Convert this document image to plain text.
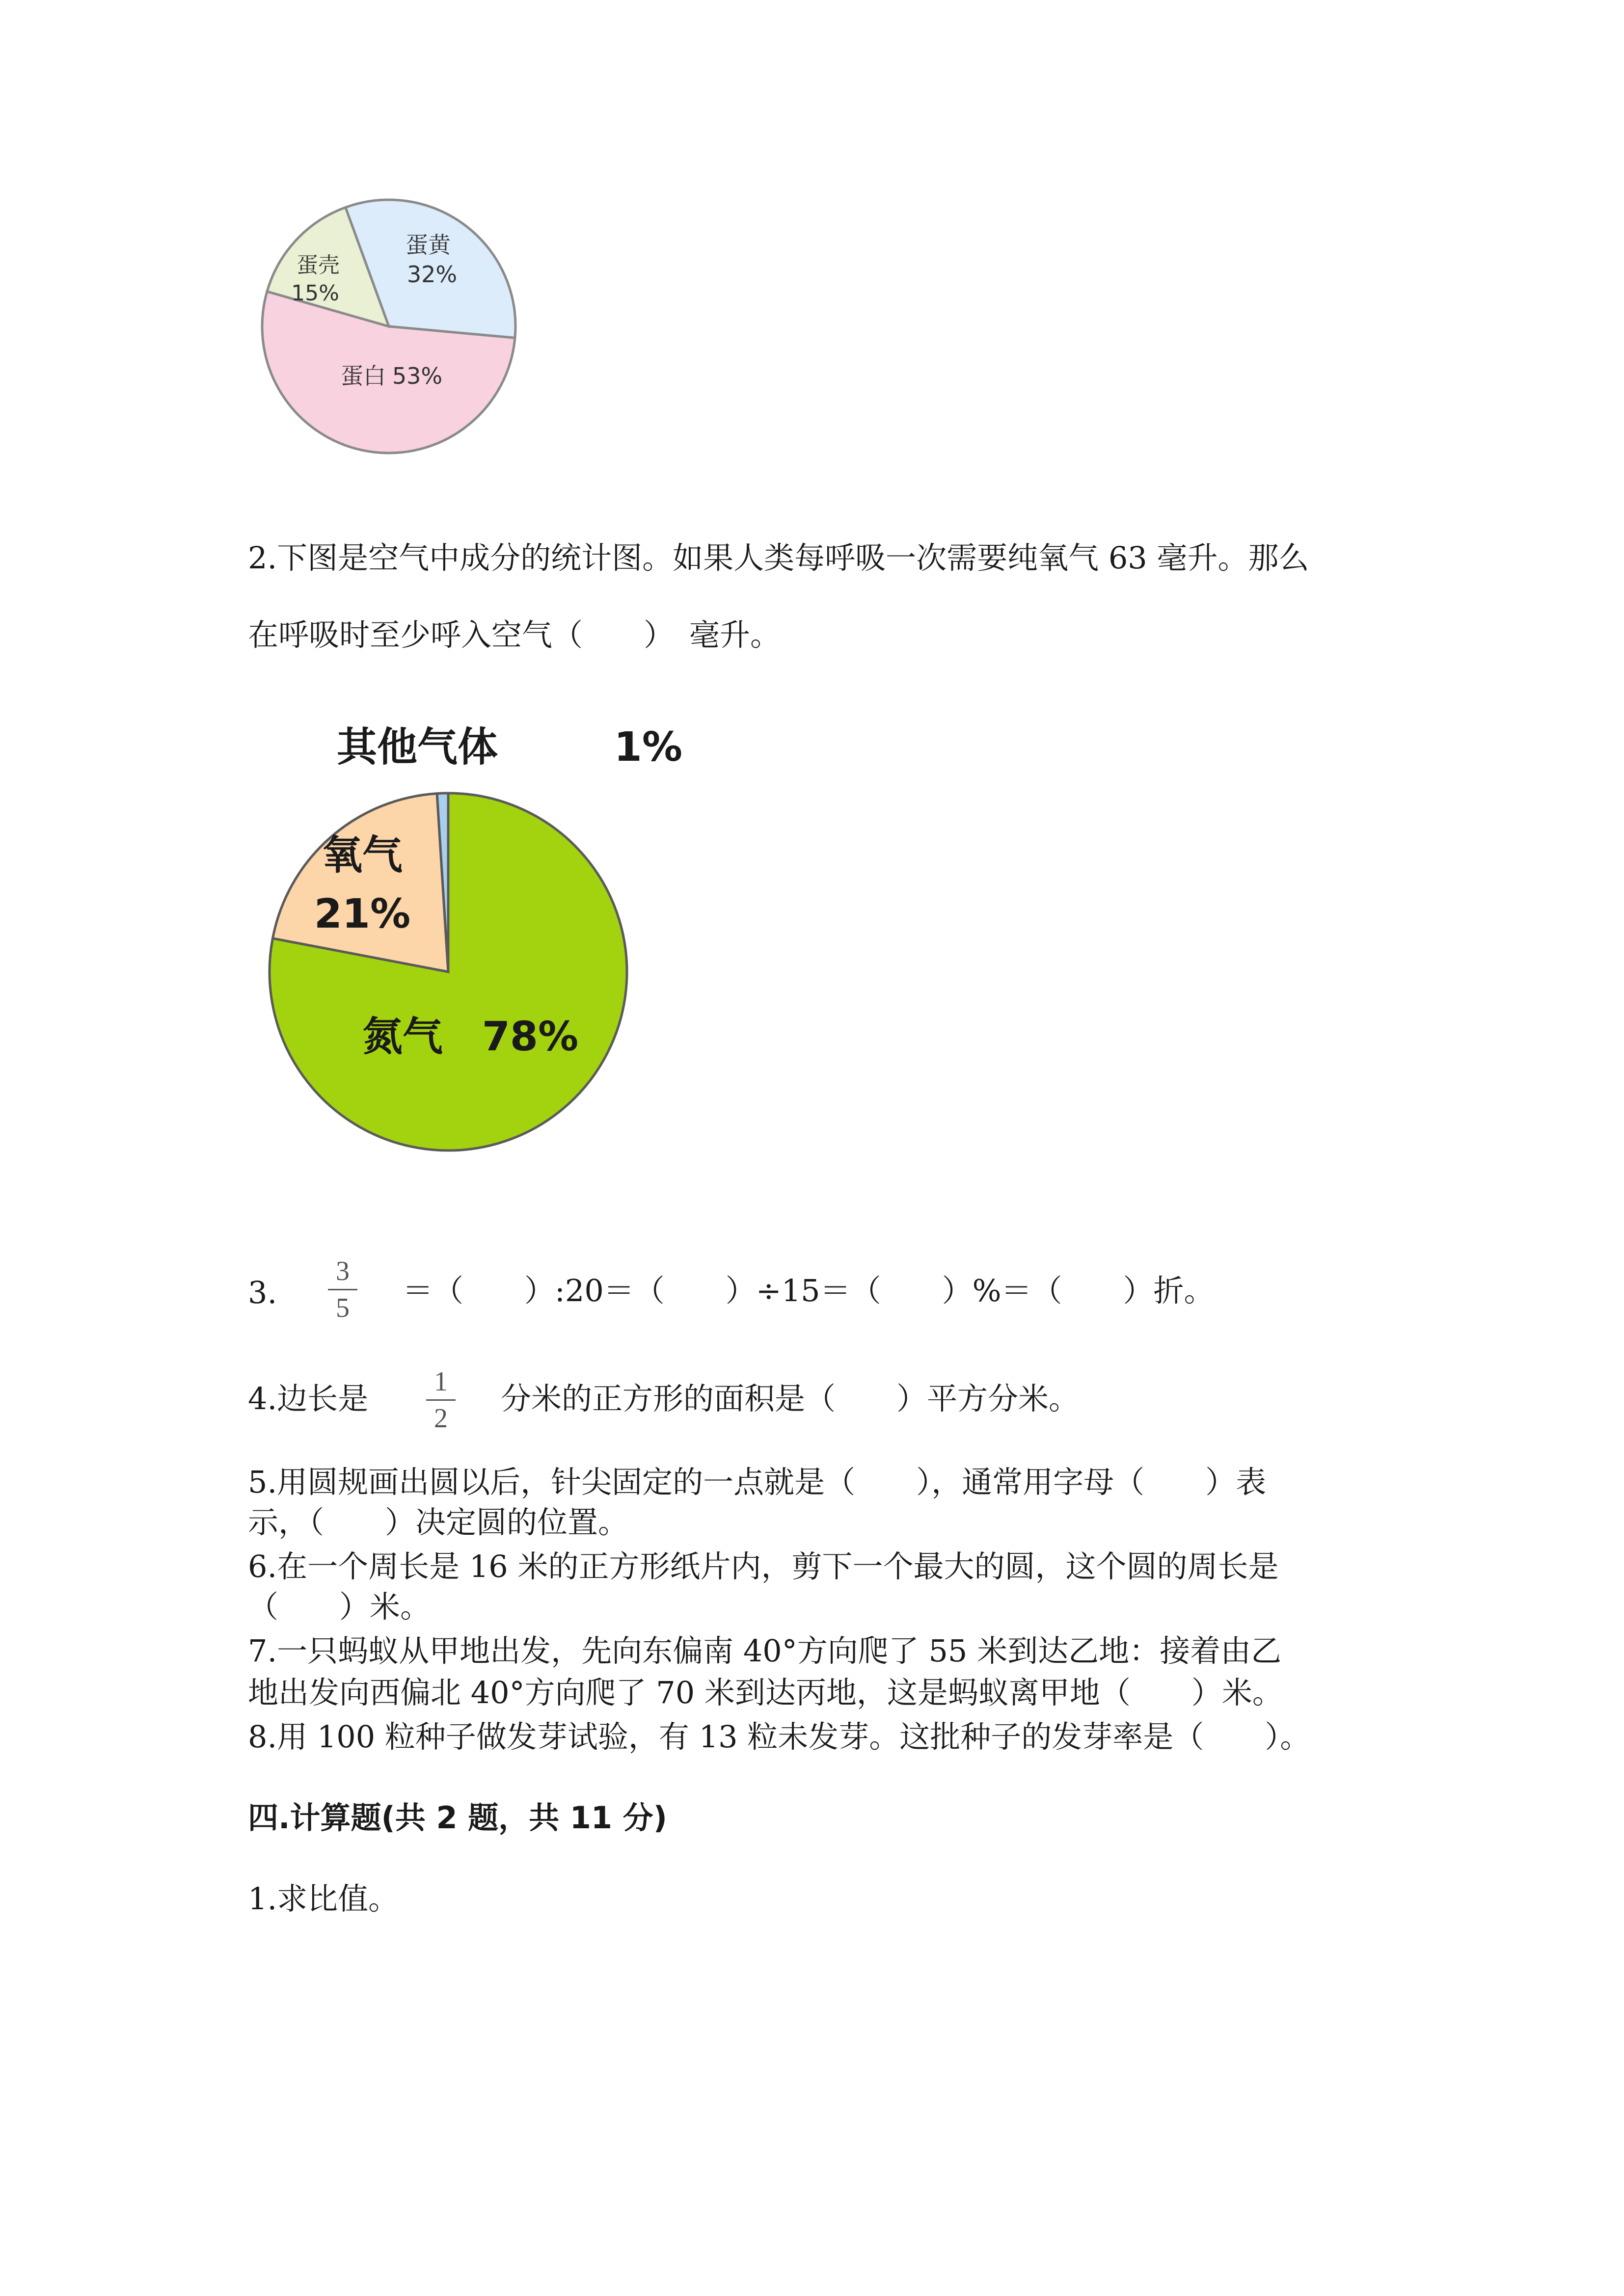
蛋黄
32%
蛋壳
15%
蛋白 53%
2.下图是空气中成分的统计图。如果人类每呼吸一次需要纯氧气 63 毫升。那么
在呼吸时至少呼入空气（　　）　毫升。
其他气体	1%
氧气
21%
氮气 78%
3.
3
5 ＝（　　）:20＝（　　）÷15＝（　　）%＝（　　）折。
4.边长是 1
2
分米的正方形的面积是（　　）平方分米。
5.用圆规画出圆以后，针尖固定的一点就是（　　），通常用字母（　　）表
示，（　　）决定圆的位置。
6.在一个周长是 16 米的正方形纸片内，剪下一个最大的圆，这个圆的周长是
（　　）米。
7.一只蚂蚁从甲地出发，先向东偏南 40°方向爬了 55 米到达乙地：接着由乙
地出发向西偏北 40°方向爬了 70 米到达丙地，这是蚂蚁离甲地（　　）米。
8.用 100 粒种子做发芽试验，有 13 粒未发芽。这批种子的发芽率是（　　）。
四.计算题(共 2 题，共 11 分)
1.求比值。
